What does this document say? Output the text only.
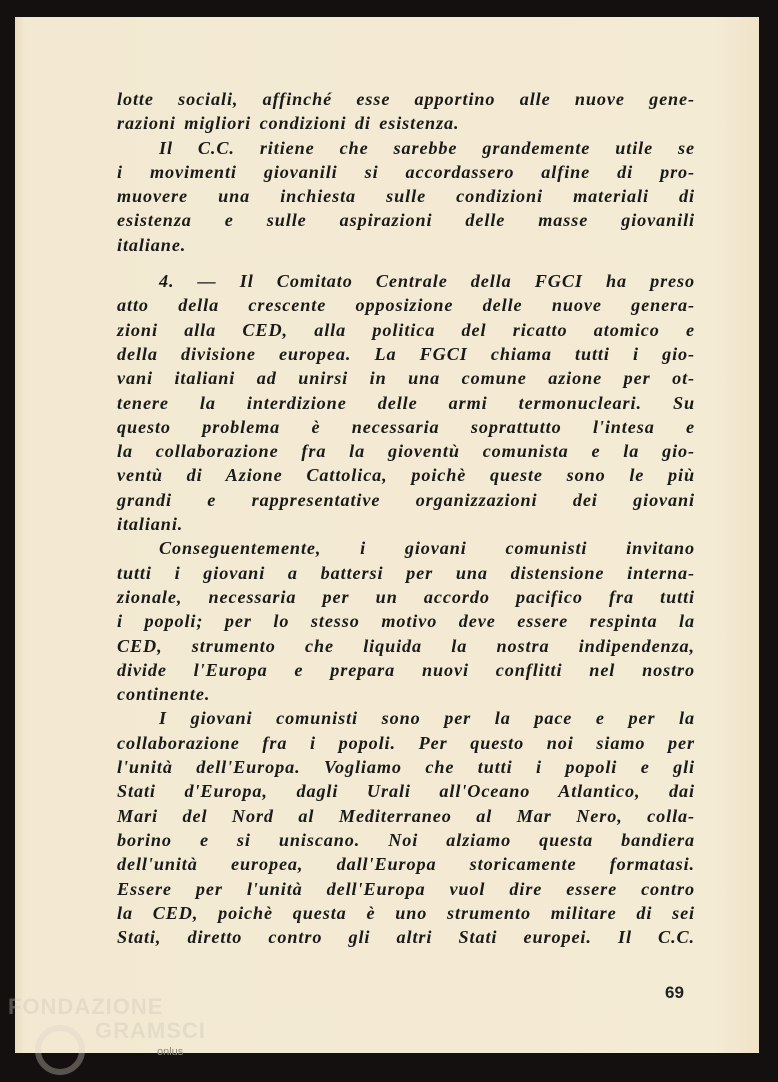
lotte sociali, affinché esse apportino alle nuove gene-
razioni migliori condizioni di esistenza.

Il C.C. ritiene che sarebbe grandemente utile se
i movimenti giovanili si accordassero alfine di pro-
muovere una inchiesta sulle condizioni materiali di
esistenza e sulle aspirazioni delle masse giovanili
italiane.

4. — Il Comitato Centrale della FGCI ha preso
atto della crescente opposizione delle nuove genera-
zioni alla CED, alla politica del ricatto atomico e
della divisione europea. La FGCI chiama tutti i gio-
vani italiani ad unirsi in una comune azione per ot-
tenere la interdizione delle armi termonucleari. Su
questo problema è necessaria soprattutto l'intesa e
la collaborazione fra la gioventù comunista e la gio-
ventù di Azione Cattolica, poichè queste sono le più
grandi e rappresentative organizzazioni dei giovani
italiani.

Conseguentemente, i giovani comunisti invitano
tutti i giovani a battersi per una distensione interna-
zionale, necessaria per un accordo pacifico fra tutti
i popoli; per lo stesso motivo deve essere respinta la
CED, strumento che liquida la nostra indipendenza,
divide l'Europa e prepara nuovi conflitti nel nostro
continente.

I giovani comunisti sono per la pace e per la
collaborazione fra i popoli. Per questo noi siamo per
l'unità dell'Europa. Vogliamo che tutti i popoli e gli
Stati d'Europa, dagli Urali all'Oceano Atlantico, dai
Mari del Nord al Mediterraneo al Mar Nero, colla-
borino e si uniscano. Noi alziamo questa bandiera
dell'unità europea, dall'Europa storicamente formatasi.
Essere per l'unità dell'Europa vuol dire essere contro
la CED, poichè questa è uno strumento militare di sei
Stati, diretto contro gli altri Stati europei. Il C.C.

69
FONDAZIONE
GRAMSCI
onlus
